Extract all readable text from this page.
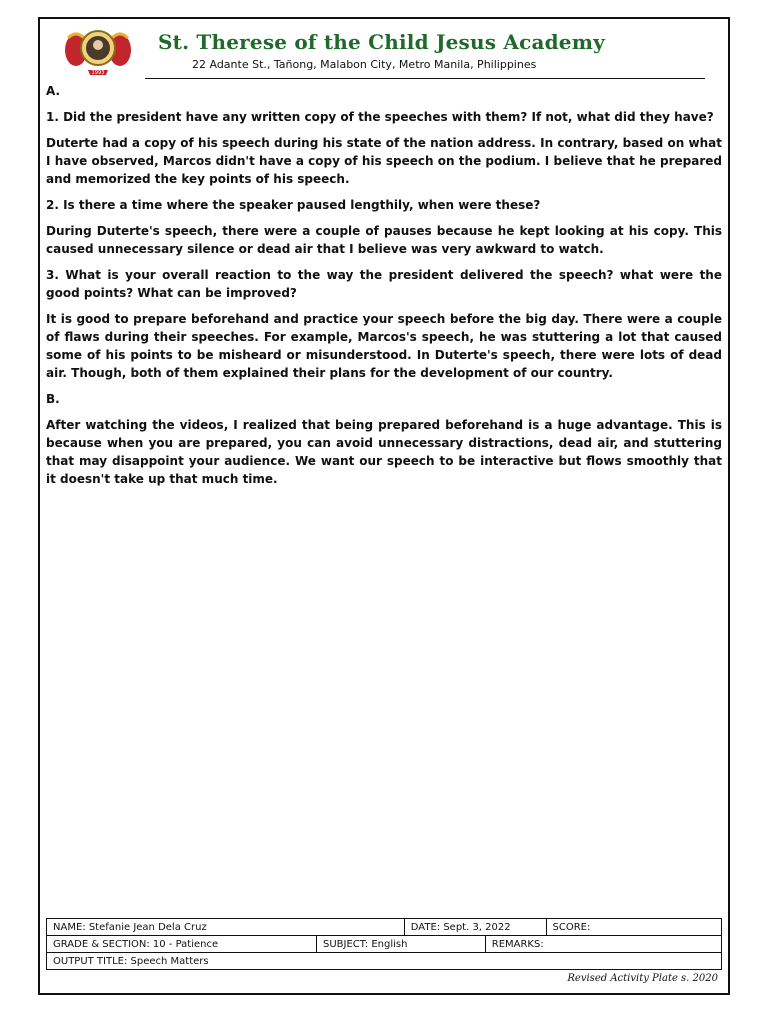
1993
St. Therese of the Child Jesus Academy
22 Adante St., Tañong, Malabon City, Metro Manila, Philippines

A.

1. Did the president have any written copy of the speeches with them? If not, what did they have?

Duterte had a copy of his speech during his state of the nation address. In contrary, based on what I have observed, Marcos didn't have a copy of his speech on the podium. I believe that he prepared and memorized the key points of his speech.

2. Is there a time where the speaker paused lengthily, when were these?

During Duterte's speech, there were a couple of pauses because he kept looking at his copy. This caused unnecessary silence or dead air that I believe was very awkward to watch.

3. What is your overall reaction to the way the president delivered the speech? what were the good points? What can be improved?

It is good to prepare beforehand and practice your speech before the big day. There were a couple of flaws during their speeches. For example, Marcos's speech, he was stuttering a lot that caused some of his points to be misheard or misunderstood. In Duterte's speech, there were lots of dead air. Though, both of them explained their plans for the development of our country.

B.

After watching the videos, I realized that being prepared beforehand is a huge advantage. This is because when you are prepared, you can avoid unnecessary distractions, dead air, and stuttering that may disappoint your audience. We want our speech to be interactive but flows smoothly that it doesn't take up that much time.

NAME: Stefanie Jean Dela Cruz		DATE: Sept. 3, 2022		SCORE:
GRADE & SECTION: 10 - Patience	SUBJECT: English		REMARKS:	
OUTPUT TITLE: Speech Matters				
Revised Activity Plate s. 2020
